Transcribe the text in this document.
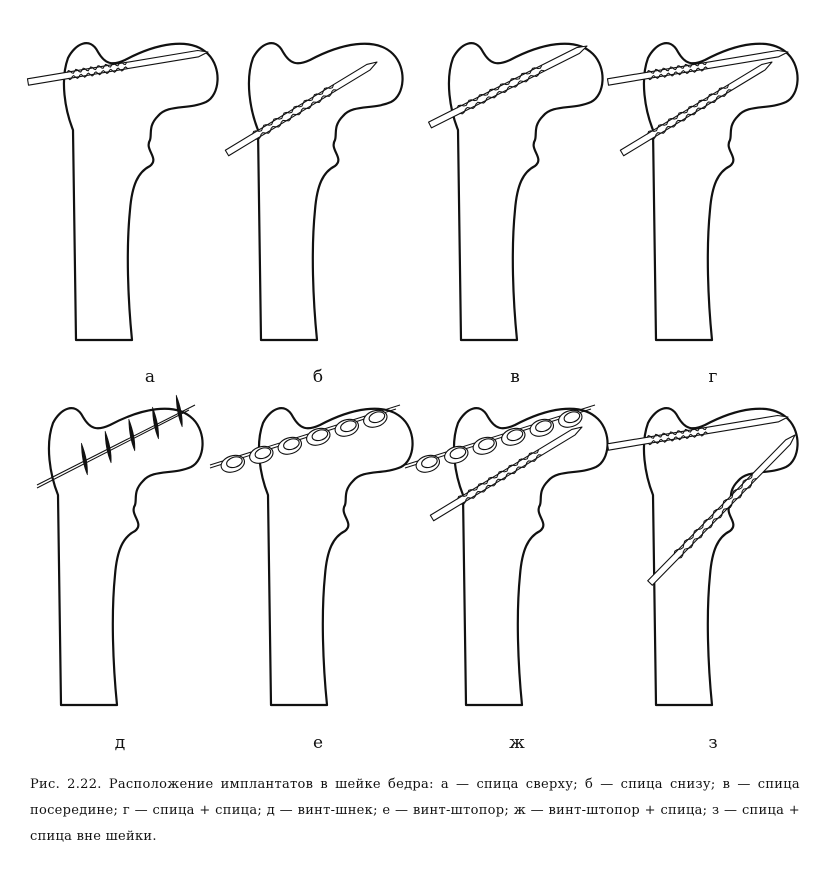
а	б	в	г
д	е	ж	з
Рис. 2.22. Расположение имплантатов в шейке бедра: а — спица сверху; б — спица снизу; в — спица посередине; г — спица + спица; д — винт-шнек; е — винт-штопор; ж — винт-штопор + спица; з — спица + спица вне шейки.
